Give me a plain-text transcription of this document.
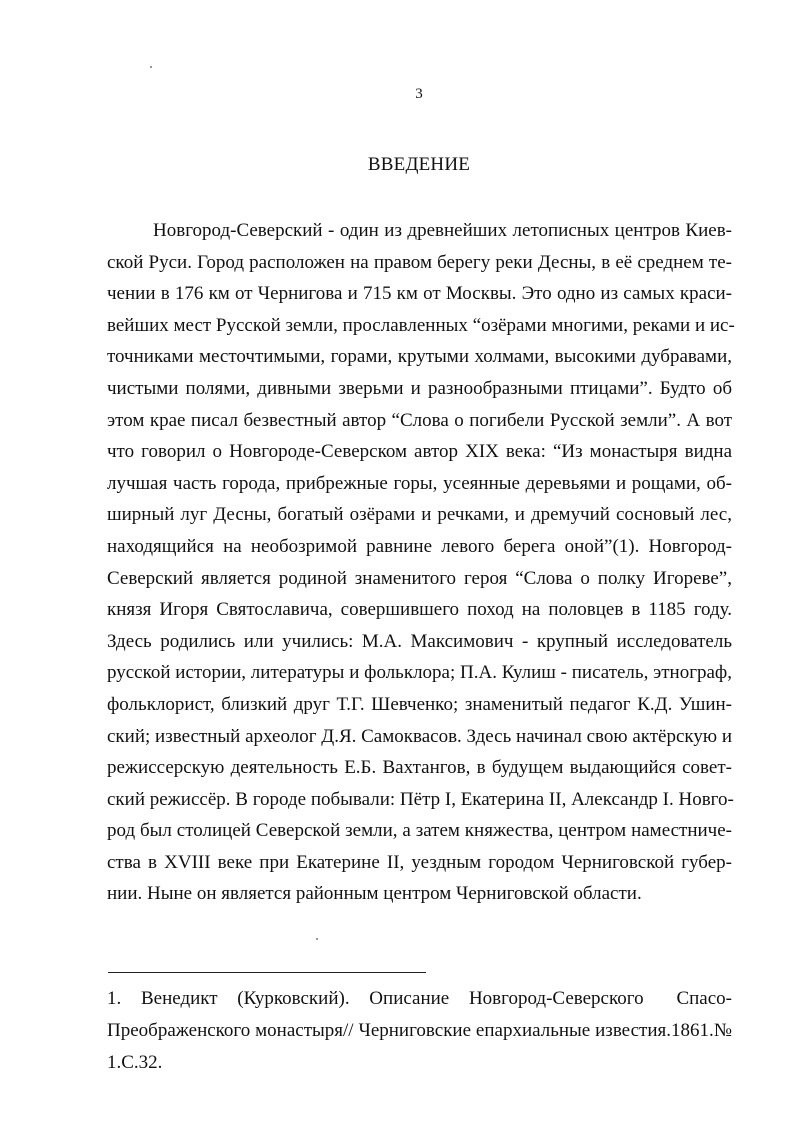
3
ВВЕДЕНИЕ
Новгород-Северский - один из древнейших летописных центров Киев-
ской Руси. Город расположен на правом берегу реки Десны, в её среднем те-
чении в 176 км от Чернигова и 715 км от Москвы. Это одно из самых краси-
вейших мест Русской земли, прославленных “озёрами многими, реками и ис-
точниками месточтимыми, горами, крутыми холмами, высокими дубравами,
чистыми полями, дивными зверьми и разнообразными птицами”. Будто об
этом крае писал безвестный автор “Слова о погибели Русской земли”. А вот
что говорил о Новгороде-Северском автор XIX века: “Из монастыря видна
лучшая часть города, прибрежные горы, усеянные деревьями и рощами, об-
ширный луг Десны, богатый озёрами и речками, и дремучий сосновый лес,
находящийся на необозримой равнине левого берега оной”(1). Новгород-
Северский является родиной знаменитого героя “Слова о полку Игореве”,
князя Игоря Святославича, совершившего поход на половцев в 1185 году.
Здесь родились или учились: М.А. Максимович - крупный исследователь
русской истории, литературы и фольклора; П.А. Кулиш - писатель, этнограф,
фольклорист, близкий друг Т.Г. Шевченко; знаменитый педагог К.Д. Ушин-
ский; известный археолог Д.Я. Самоквасов. Здесь начинал свою актёрскую и
режиссерскую деятельность Е.Б. Вахтангов, в будущем выдающийся совет-
ский режиссёр. В городе побывали: Пётр I, Екатерина II, Александр I. Новго-
род был столицей Северской земли, а затем княжества, центром наместниче-
ства в XVIII веке при Екатерине II, уездным городом Черниговской губер-
нии. Ныне он является районным центром Черниговской области.
1.   Венедикт   (Курковский).   Описание   Новгород-Северского     Спасо-
Преображенского монастыря// Черниговские епархиальные известия.1861.№
1.С.32.
